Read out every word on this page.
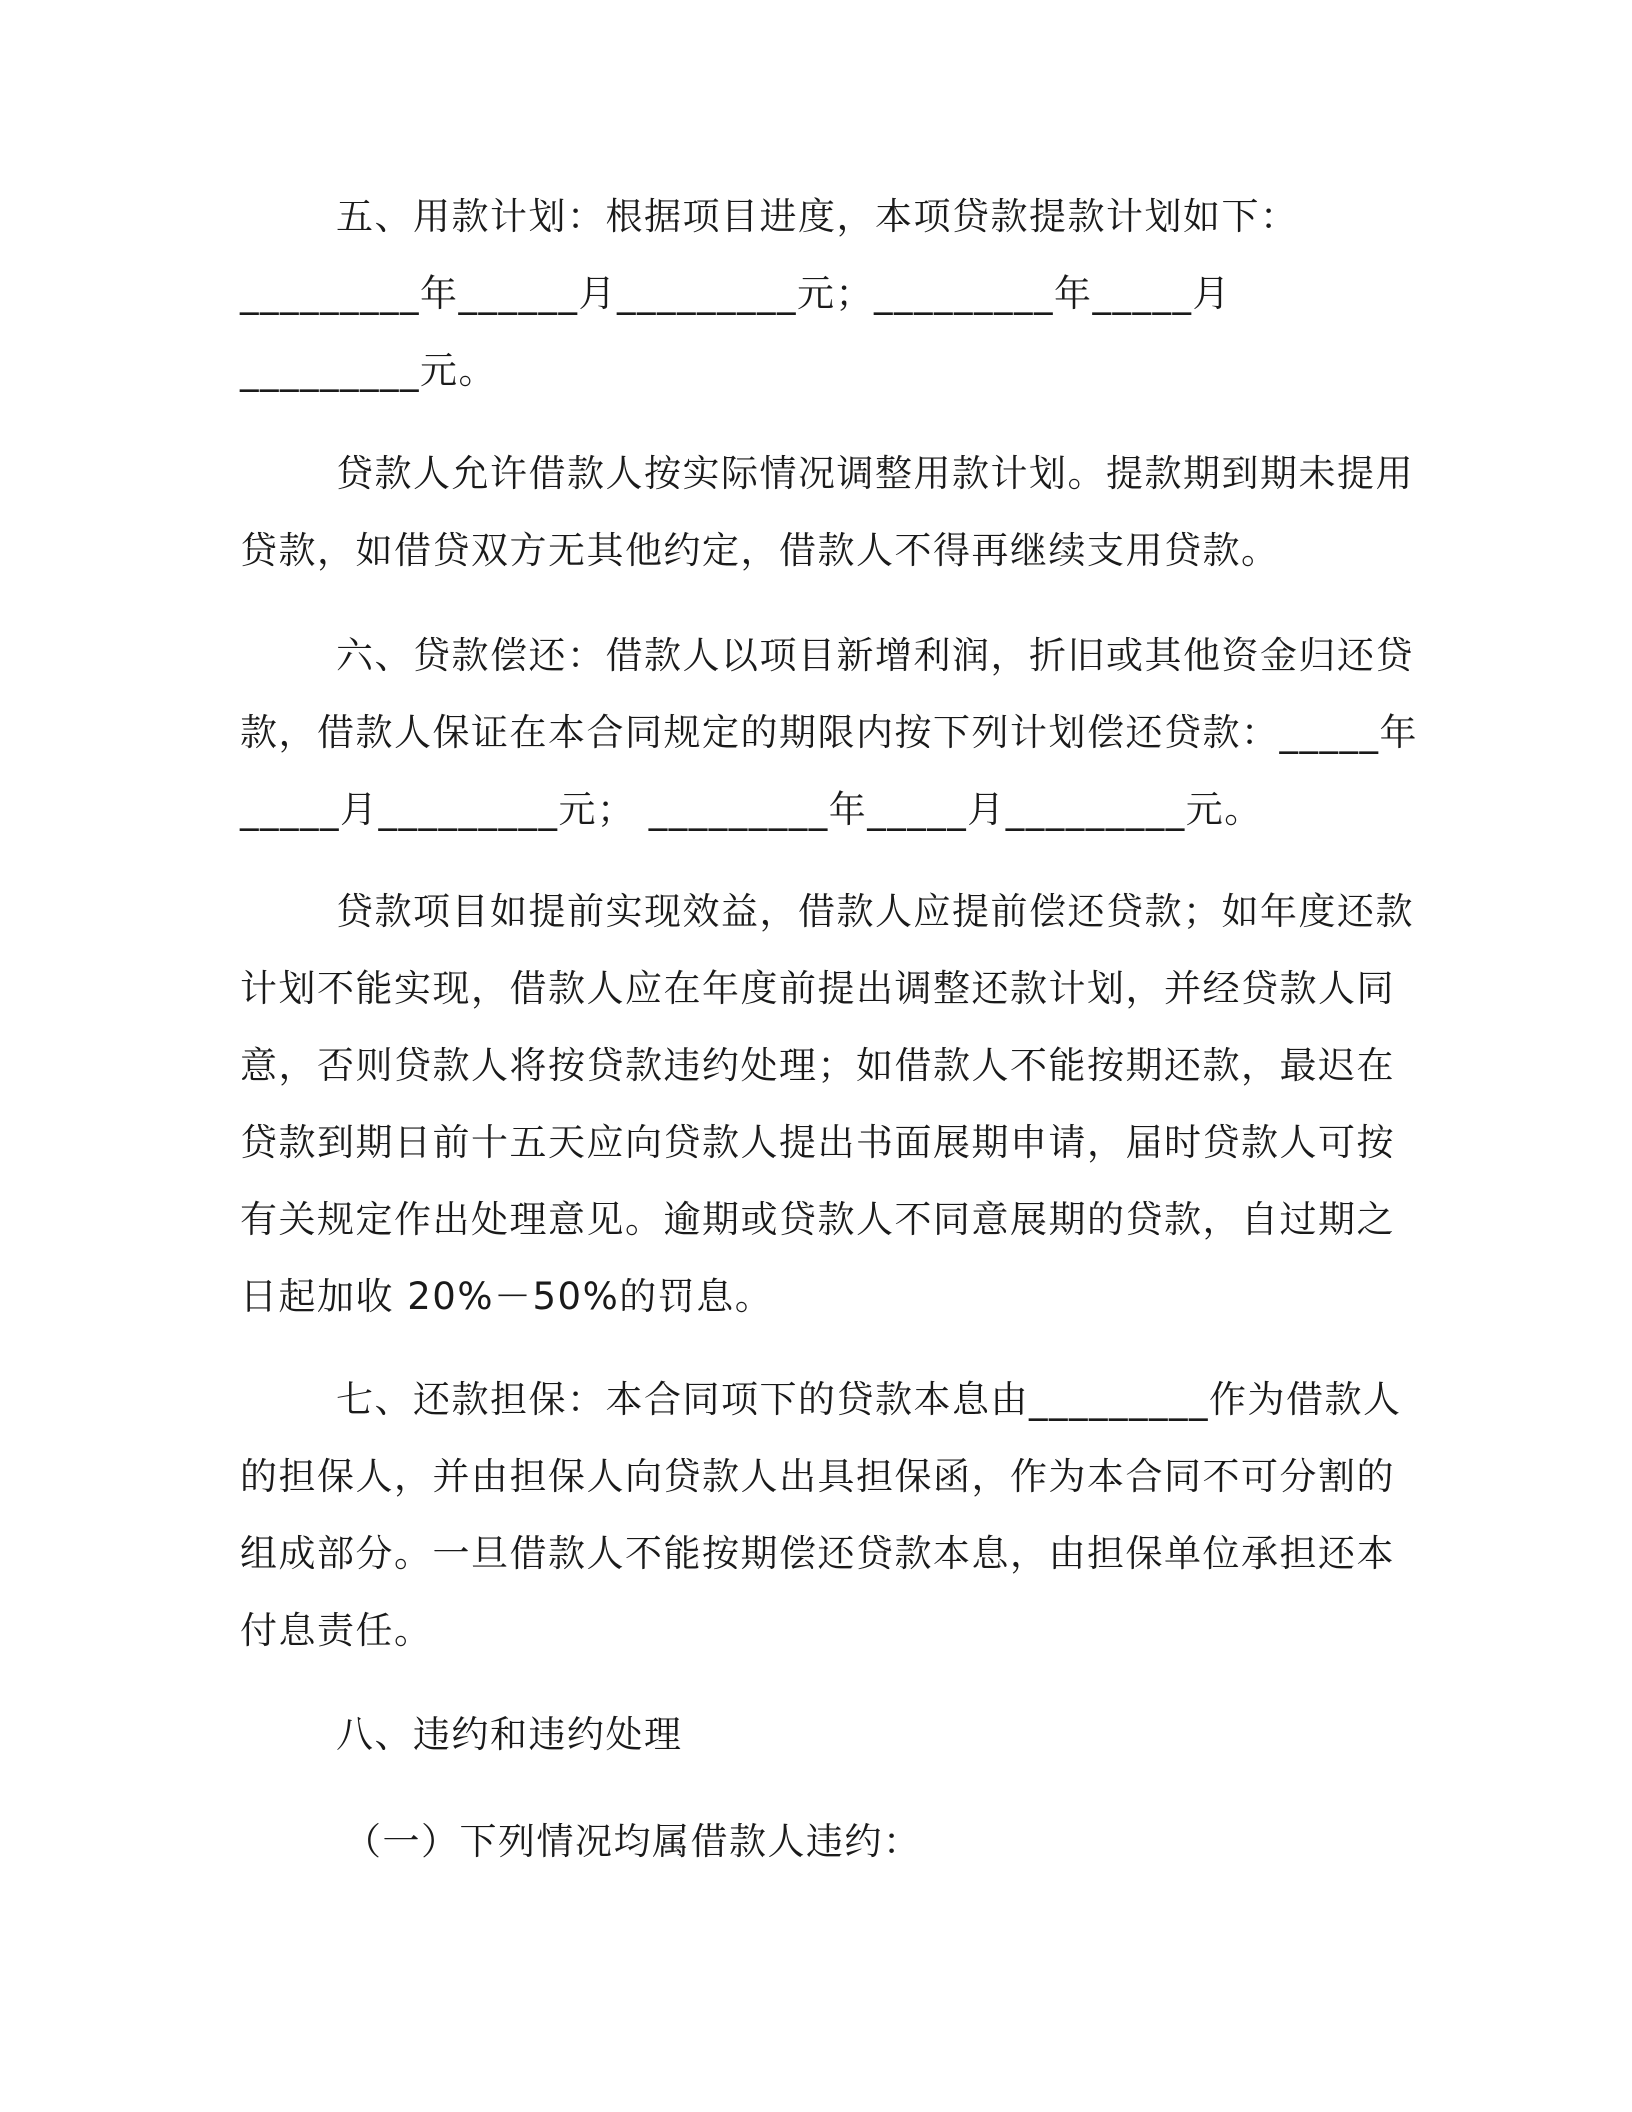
五、用款计划：根据项目进度，本项贷款提款计划如下：
_________年______月_________元；_________年_____月
_________元。
贷款人允许借款人按实际情况调整用款计划。提款期到期未提用
贷款，如借贷双方无其他约定，借款人不得再继续支用贷款。
六、贷款偿还：借款人以项目新增利润，折旧或其他资金归还贷
款，借款人保证在本合同规定的期限内按下列计划偿还贷款：_____年
_____月_________元； _________年_____月_________元。
贷款项目如提前实现效益，借款人应提前偿还贷款；如年度还款
计划不能实现，借款人应在年度前提出调整还款计划，并经贷款人同
意，否则贷款人将按贷款违约处理；如借款人不能按期还款，最迟在
贷款到期日前十五天应向贷款人提出书面展期申请，届时贷款人可按
有关规定作出处理意见。逾期或贷款人不同意展期的贷款，自过期之
日起加收 20%－50%的罚息。
七、还款担保：本合同项下的贷款本息由_________作为借款人
的担保人，并由担保人向贷款人出具担保函，作为本合同不可分割的
组成部分。一旦借款人不能按期偿还贷款本息，由担保单位承担还本
付息责任。
八、违约和违约处理
（一）下列情况均属借款人违约：
